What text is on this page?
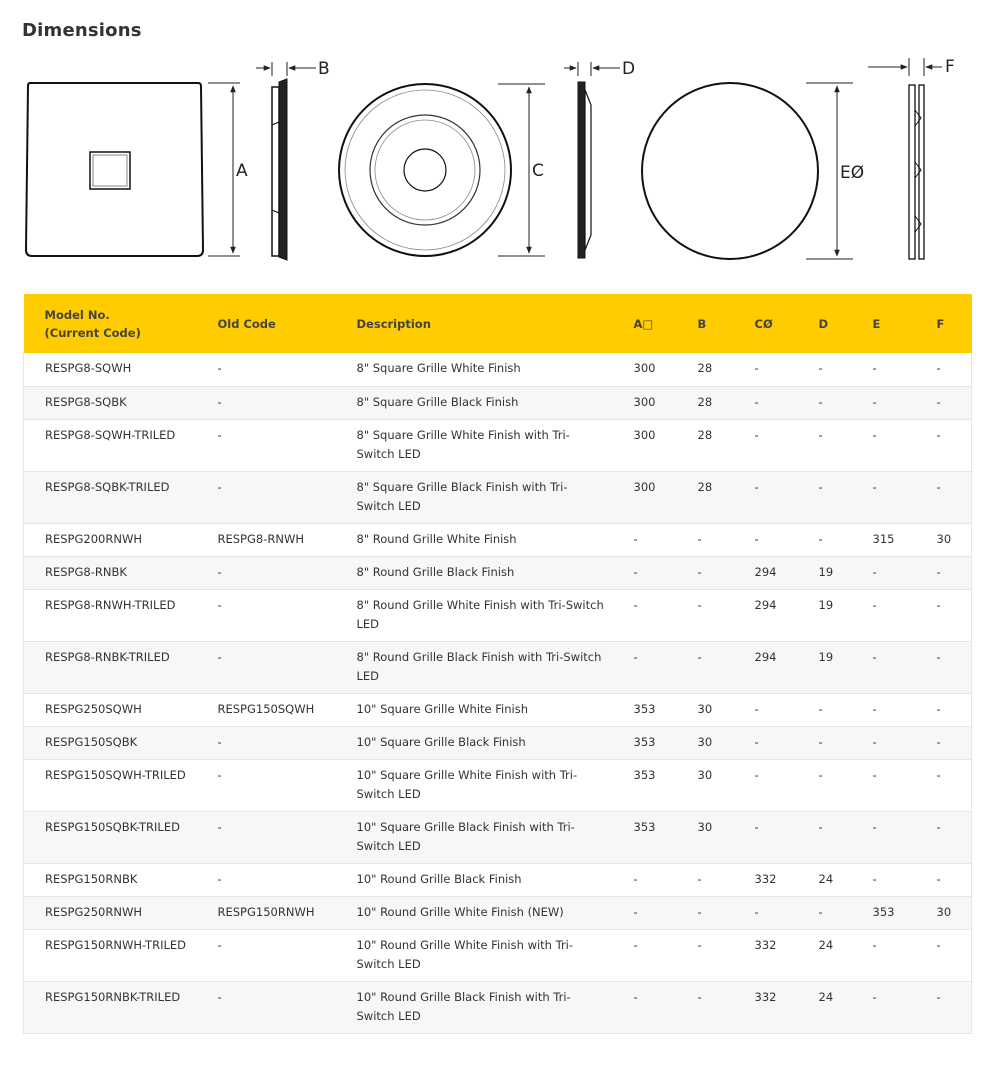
Dimensions
A
B
C
D
EØ
F
Model No.
(Current Code)	Old Code	Description	A□	B	CØ	D	E	F
RESPG8-SQWH	-	8" Square Grille White Finish	300	28	-	-	-	-
RESPG8-SQBK	-	8" Square Grille Black Finish	300	28	-	-	-	-
RESPG8-SQWH-TRILED	-	8" Square Grille White Finish with Tri-Switch LED	300	28	-	-	-	-
RESPG8-SQBK-TRILED	-	8" Square Grille Black Finish with Tri-Switch LED	300	28	-	-	-	-
RESPG200RNWH	RESPG8-RNWH	8" Round Grille White Finish	-	-	-	-	315	30
RESPG8-RNBK	-	8" Round Grille Black Finish	-	-	294	19	-	-
RESPG8-RNWH-TRILED	-	8" Round Grille White Finish with Tri-Switch LED	-	-	294	19	-	-
RESPG8-RNBK-TRILED	-	8" Round Grille Black Finish with Tri-Switch LED	-	-	294	19	-	-
RESPG250SQWH	RESPG150SQWH	10" Square Grille White Finish	353	30	-	-	-	-
RESPG150SQBK	-	10" Square Grille Black Finish	353	30	-	-	-	-
RESPG150SQWH-TRILED	-	10" Square Grille White Finish with Tri-Switch LED	353	30	-	-	-	-
RESPG150SQBK-TRILED	-	10" Square Grille Black Finish with Tri-Switch LED	353	30	-	-	-	-
RESPG150RNBK	-	10" Round Grille Black Finish	-	-	332	24	-	-
RESPG250RNWH	RESPG150RNWH	10" Round Grille White Finish (NEW)	-	-	-	-	353	30
RESPG150RNWH-TRILED	-	10" Round Grille White Finish with Tri-Switch LED	-	-	332	24	-	-
RESPG150RNBK-TRILED	-	10" Round Grille Black Finish with Tri-Switch LED	-	-	332	24	-	-
